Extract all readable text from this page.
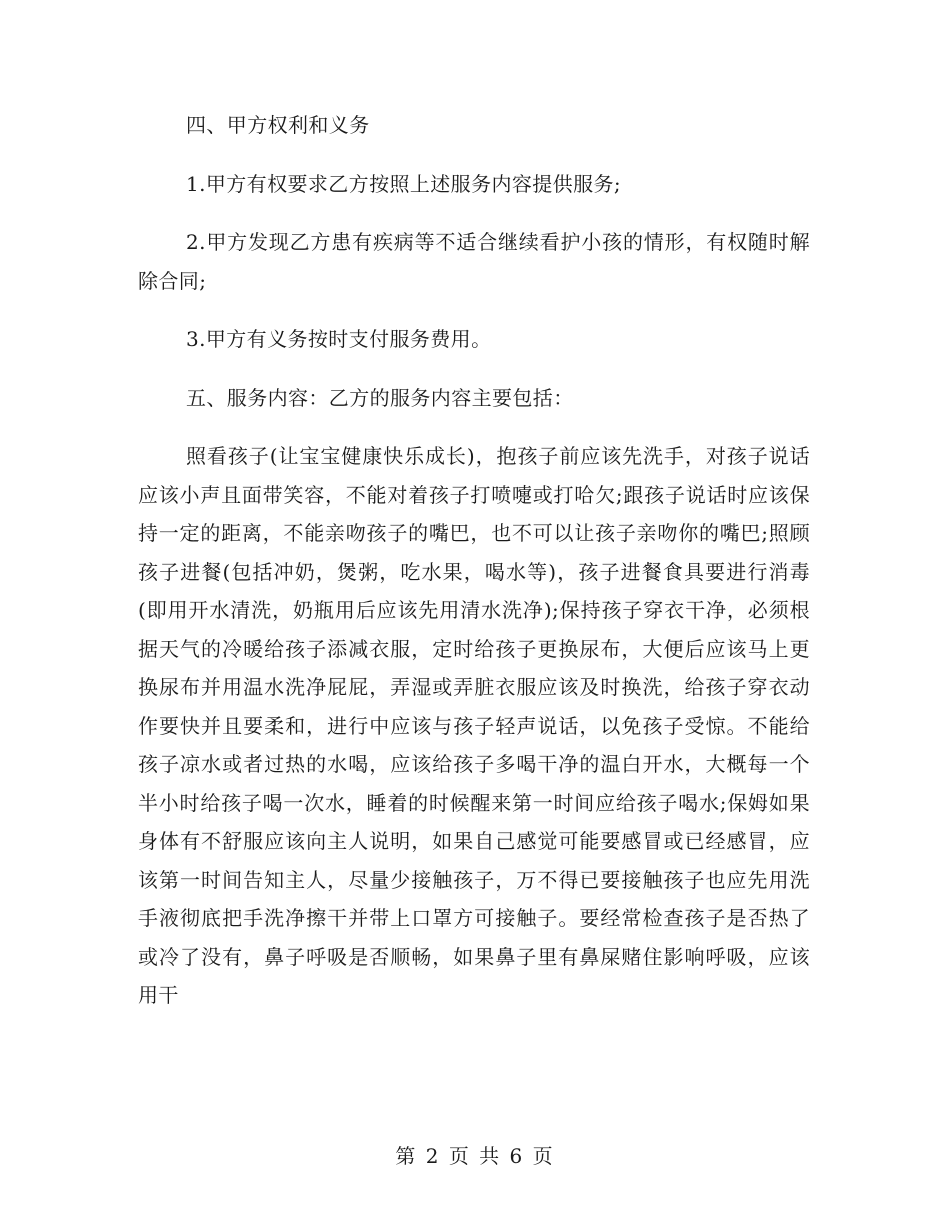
四、甲方权利和义务

1.甲方有权要求乙方按照上述服务内容提供服务;

2.甲方发现乙方患有疾病等不适合继续看护小孩的情形，有权随时解除合同;

3.甲方有义务按时支付服务费用。

五、服务内容：乙方的服务内容主要包括：

照看孩子(让宝宝健康快乐成长)，抱孩子前应该先洗手，对孩子说话应该小声且面带笑容，不能对着孩子打喷嚏或打哈欠;跟孩子说话时应该保持一定的距离，不能亲吻孩子的嘴巴，也不可以让孩子亲吻你的嘴巴;照顾孩子进餐(包括冲奶，煲粥，吃水果，喝水等)，孩子进餐食具要进行消毒(即用开水清洗，奶瓶用后应该先用清水洗净);保持孩子穿衣干净，必须根据天气的冷暖给孩子添减衣服，定时给孩子更换尿布，大便后应该马上更换尿布并用温水洗净屁屁，弄湿或弄脏衣服应该及时换洗，给孩子穿衣动作要快并且要柔和，进行中应该与孩子轻声说话，以免孩子受惊。不能给孩子凉水或者过热的水喝，应该给孩子多喝干净的温白开水，大概每一个半小时给孩子喝一次水，睡着的时候醒来第一时间应给孩子喝水;保姆如果身体有不舒服应该向主人说明，如果自己感觉可能要感冒或已经感冒，应该第一时间告知主人，尽量少接触孩子，万不得已要接触孩子也应先用洗手液彻底把手洗净擦干并带上口罩方可接触子。要经常检查孩子是否热了或冷了没有，鼻子呼吸是否顺畅，如果鼻子里有鼻屎赌住影响呼吸，应该用干

第 2 页 共 6 页
